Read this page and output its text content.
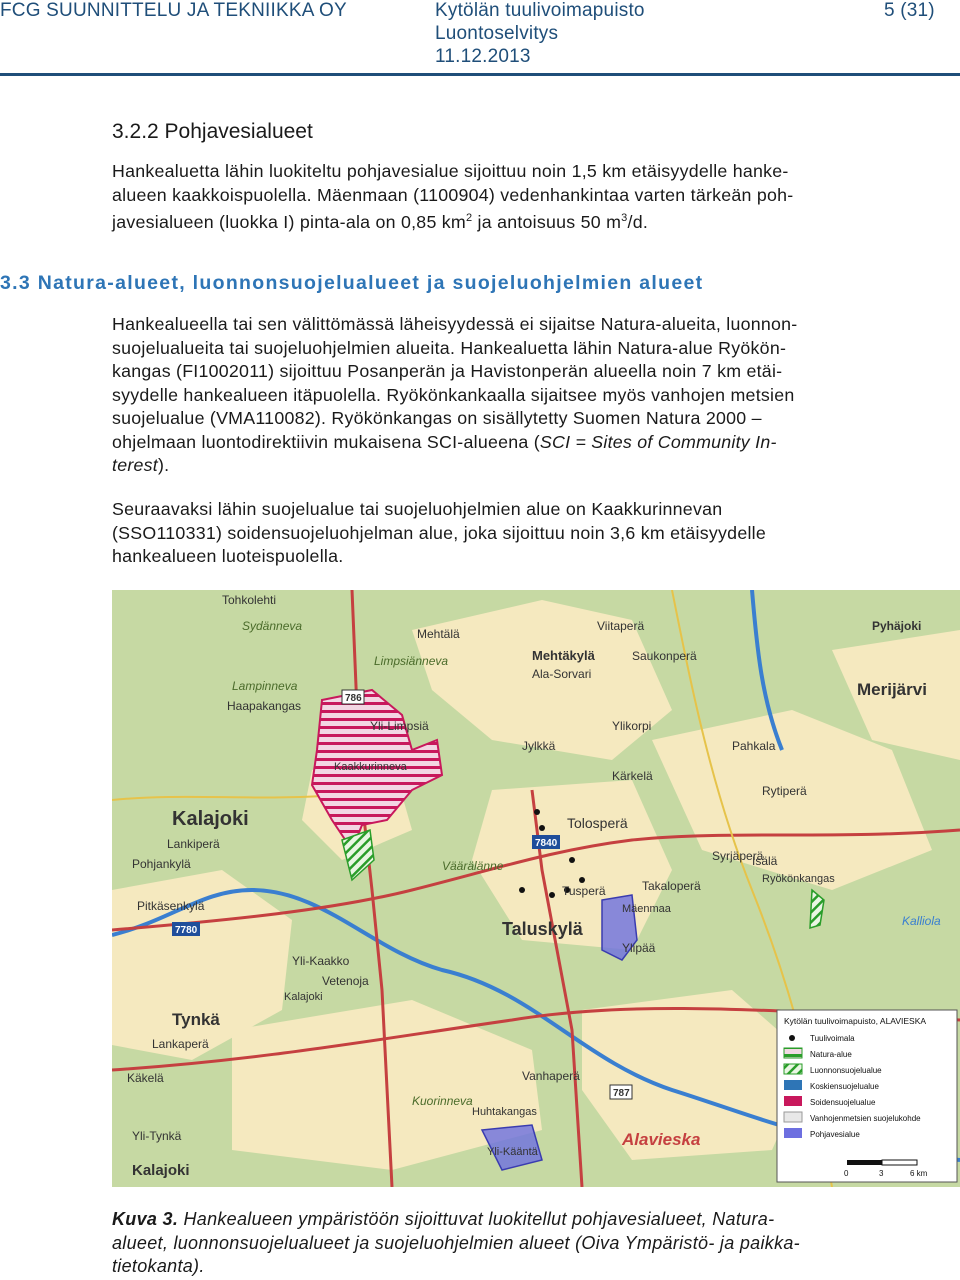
FCG SUUNNITTELU JA TEKNIIKKA OY	Kytölän tuulivoimapuisto
Luontoselvitys
11.12.2013
5 (31)
3.2.2 Pohjavesialueet
Hankealuetta lähin luokiteltu pohjavesialue sijoittuu noin 1,5 km etäisyydelle hanke-
alueen kaakkoispuolella. Mäenmaan (1100904) vedenhankintaa varten tärkeän poh-
javesialueen (luokka I) pinta-ala on 0,85 $km^2$ ja antoisuus 50 $m^3/d$.
3.3 Natura-alueet, luonnonsuojelualueet ja suojeluohjelmien alueet
Hankealueella tai sen välittömässä läheisyydessä ei sijaitse Natura-alueita, luonnon-
suojelualueita tai suojeluohjelmien alueita. Hankealuetta lähin Natura-alue Ryökön-
kangas (FI1002011) sijoittuu Posanperän ja Havistonperän alueella noin 7 km etäi-
syydelle hankealueen itäpuolella. Ryökönkankaalla sijaitsee myös vanhojen metsien
suojelualue (VMA110082). Ryökönkangas on sisällytetty Suomen Natura 2000 –
ohjelmaan luontodirektiivin mukaisena SCI-alueena (SCI = Sites of Community In-
terest).
Seuraavaksi lähin suojelualue tai suojeluohjelmien alue on Kaakkurinnevan
(SSO110331) soidensuojeluohjelman alue, joka sijoittuu noin 3,6 km etäisyydelle
hankealueen luoteispuolella.
786
7840
7780
787
Tohkolehti
Sydänneva
Mehtälä
Viitaperä	Pyhäjoki
Limpsiänneva	Mehtäkylä	Saukonperä
Ala-Sorvari
Merijärvi
Lampinneva
Haapakangas
Yli-Limpsiä	Ylikorpi
Jylkkä	Pahkala
Kaakkurinneva
Kärkelä
Kalajoki
Lankiperä
Pohjankylä
Tolosperä
Rytiperä
Syrjäperä
Väärälänne	Isälä
Tusperä	Takaloperä	Ryökönkangas
Mäenmaa
Pitkäsenkylä
Taluskylä
Ylipää
Kalliola
Yli-Kaakko
Vetenoja
Kalajoki
Tynkä
Lankaperä
Käkelä	Vanhaperä
Kuorinneva
Huhtakangas
Yli-Kääntä
Alavieska
Yli-Tynkä
Kalajoki
Kytölän tuulivoimapuisto, ALAVIESKA
Tuulivoimala
Natura-alue
Luonnonsuojelualue
Koskiensuojelualue
Soidensuojelualue
Vanhojenmetsien suojelukohde
Pohjavesialue
0	3	6 km
Kuva 3. Hankealueen ympäristöön sijoittuvat luokitellut pohjavesialueet, Natura-
alueet, luonnonsuojelualueet ja suojeluohjelmien alueet (Oiva Ympäristö- ja paikka-
tietokanta).
